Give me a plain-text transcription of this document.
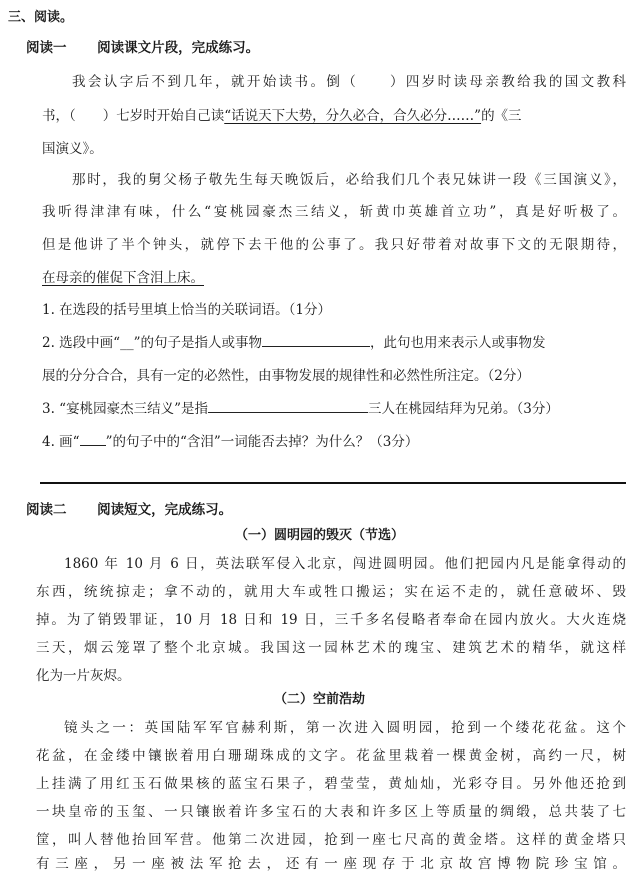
三、阅读。
阅读一 阅读课文片段，完成练习。
我会认字后不到几年，就开始读书。倒（　　）四岁时读母亲教给我的国文教科
书，（　　）七岁时开始自己读“话说天下大势，分久必合，合久必分……”的《三
国演义》。
那时，我的舅父杨子敬先生每天晚饭后，必给我们几个表兄妹讲一段《三国演义》，
我听得津津有味，什么“宴桃园豪杰三结义，斩黄巾英雄首立功”，真是好听极了。
但是他讲了半个钟头，就停下去干他的公事了。我只好带着对故事下文的无限期待，
在母亲的催促下含泪上床。
1. 在选段的括号里填上恰当的关联词语。（1分）
2. 选段中画“__”的句子是指人或事物	，此句也用来表示人或事物发
展的分分合合，具有一定的必然性，由事物发展的规律性和必然性所注定。（2分）
3. “宴桃园豪杰三结义”是指	三人在桃园结拜为兄弟。（3分）
4. 画“ ”的句子中的“含泪”一词能否去掉？为什么？（3分）
阅读二 阅读短文，完成练习。
（一）圆明园的毁灭（节选）
1860 年 10 月 6 日，英法联军侵入北京，闯进圆明园。他们把园内凡是能拿得动的
东西，统统掠走；拿不动的，就用大车或牲口搬运；实在运不走的，就任意破坏、毁
掉。为了销毁罪证，10 月 18 日和 19 日，三千多名侵略者奉命在园内放火。大火连烧
三天，烟云笼罩了整个北京城。我国这一园林艺术的瑰宝、建筑艺术的精华，就这样
化为一片灰烬。
（二）空前浩劫
镜头之一：英国陆军军官赫利斯，第一次进入圆明园，抢到一个缕花花盆。这个
花盆，在金缕中镶嵌着用白珊瑚珠成的文字。花盆里栽着一棵黄金树，高约一尺，树
上挂满了用红玉石做果核的蓝宝石果子，碧莹莹，黄灿灿，光彩夺目。另外他还抢到
一块皇帝的玉玺、一只镶嵌着许多宝石的大表和许多区上等质量的绸缎，总共装了七
筐，叫人替他抬回军营。他第二次进园，抢到一座七尺高的黄金塔。这样的黄金塔只
有三座，另一座被法军抢去，还有一座现存于北京故宫博物院珍宝馆。
